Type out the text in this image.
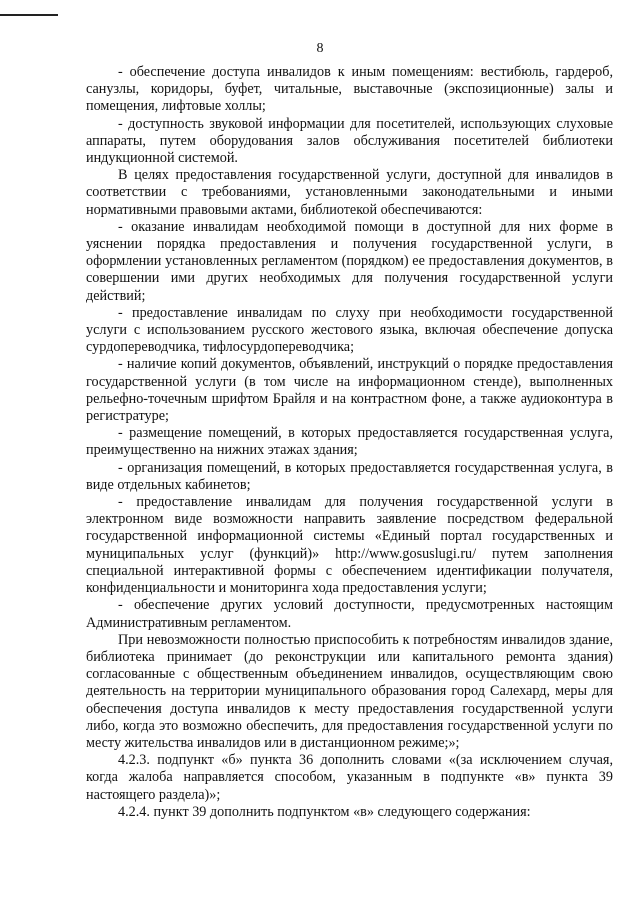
8

- обеспечение доступа инвалидов к иным помещениям: вестибюль, гардероб, санузлы, коридоры, буфет, читальные, выставочные (экспозиционные) залы и помещения, лифтовые холлы;

- доступность звуковой информации для посетителей, использующих слуховые аппараты, путем оборудования залов обслуживания посетителей библиотеки индукционной системой.

В целях предоставления государственной услуги, доступной для инвалидов в соответствии с требованиями, установленными законодательными и иными нормативными правовыми актами, библиотекой обеспечиваются:

- оказание инвалидам необходимой помощи в доступной для них форме в уяснении порядка предоставления и получения государственной услуги, в оформлении установленных регламентом (порядком) ее предоставления документов, в совершении ими других необходимых для получения государственной услуги действий;

- предоставление инвалидам по слуху при необходимости государственной услуги с использованием русского жестового языка, включая обеспечение допуска сурдопереводчика, тифлосурдопереводчика;

- наличие копий документов, объявлений, инструкций о порядке предоставления государственной услуги (в том числе на информационном стенде), выполненных рельефно-точечным шрифтом Брайля и на контрастном фоне, а также аудиоконтура в регистратуре;

- размещение помещений, в которых предоставляется государственная услуга, преимущественно на нижних этажах здания;

- организация помещений, в которых предоставляется государственная услуга, в виде отдельных кабинетов;

- предоставление инвалидам для получения государственной услуги в электронном виде возможности направить заявление посредством федеральной государственной информационной системы «Единый портал государственных и муниципальных услуг (функций)» http://www.gosuslugi.ru/ путем заполнения специальной интерактивной формы с обеспечением идентификации получателя, конфиденциальности и мониторинга хода предоставления услуги;

- обеспечение других условий доступности, предусмотренных настоящим Административным регламентом.

При невозможности полностью приспособить к потребностям инвалидов здание, библиотека принимает (до реконструкции или капитального ремонта здания) согласованные с общественным объединением инвалидов, осуществляющим свою деятельность на территории муниципального образования город Салехард, меры для обеспечения доступа инвалидов к месту предоставления государственной услуги либо, когда это возможно обеспечить, для предоставления государственной услуги по месту жительства инвалидов или в дистанционном режиме;»;

4.2.3. подпункт «б» пункта 36 дополнить словами «(за исключением случая, когда жалоба направляется способом, указанным в подпункте «в» пункта 39 настоящего раздела)»;

4.2.4. пункт 39 дополнить подпунктом «в» следующего содержания:
